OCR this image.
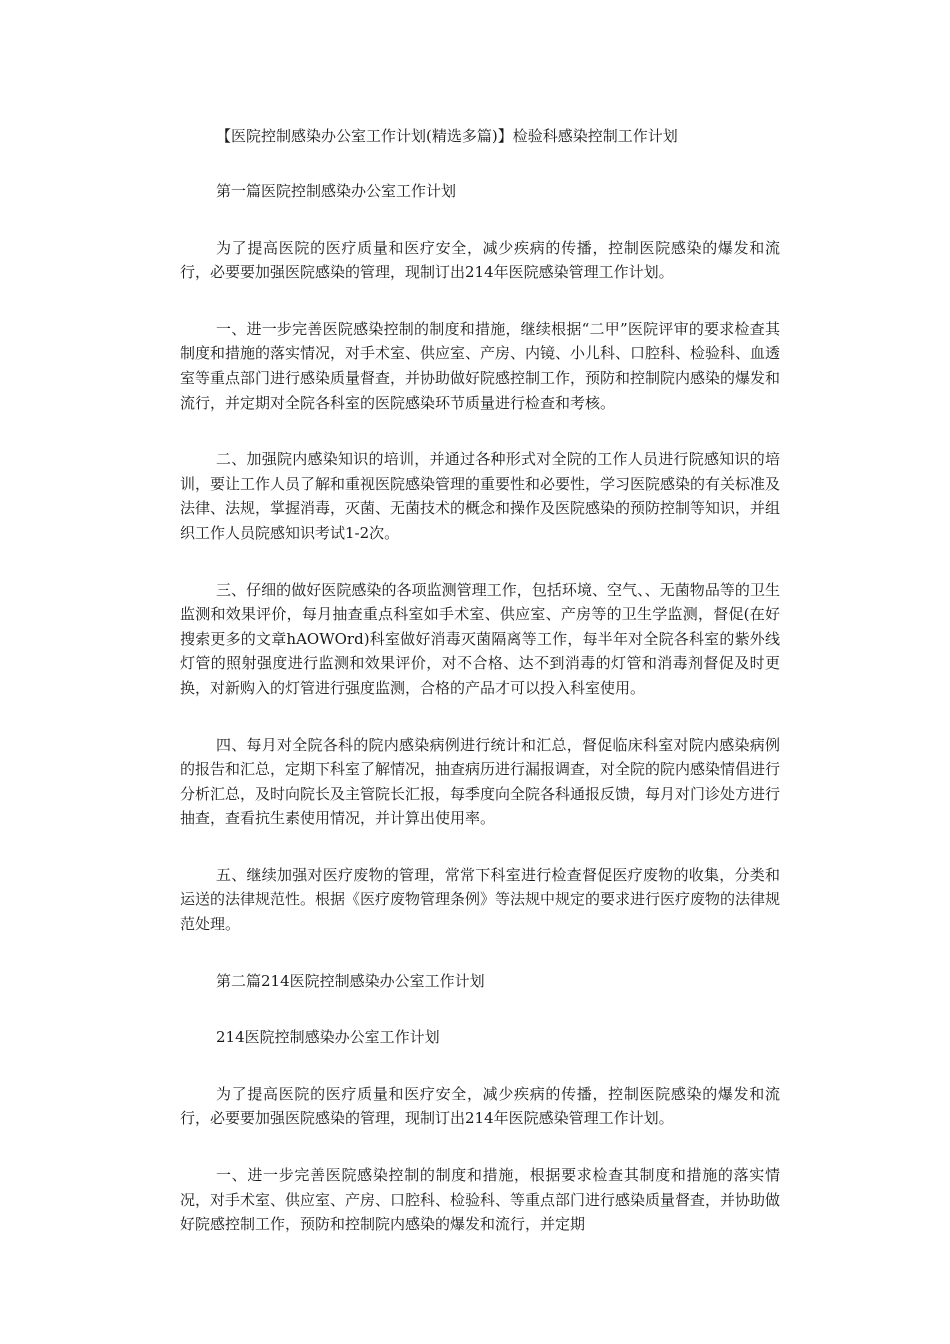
【医院控制感染办公室工作计划(精选多篇)】检验科感染控制工作计划
第一篇医院控制感染办公室工作计划

为了提高医院的医疗质量和医疗安全，减少疾病的传播，控制医院感染的爆发和流行，必要要加强医院感染的管理，现制订出214年医院感染管理工作计划。

一、进一步完善医院感染控制的制度和措施，继续根据“二甲”医院评审的要求检查其制度和措施的落实情况，对手术室、供应室、产房、内镜、小儿科、口腔科、检验科、血透室等重点部门进行感染质量督查，并协助做好院感控制工作，预防和控制院内感染的爆发和流行，并定期对全院各科室的医院感染环节质量进行检查和考核。

二、加强院内感染知识的培训，并通过各种形式对全院的工作人员进行院感知识的培训，要让工作人员了解和重视医院感染管理的重要性和必要性，学习医院感染的有关标准及法律、法规，掌握消毒，灭菌、无菌技术的概念和操作及医院感染的预防控制等知识，并组织工作人员院感知识考试1-2次。

三、仔细的做好医院感染的各项监测管理工作，包括环境、空气、、无菌物品等的卫生监测和效果评价，每月抽查重点科室如手术室、供应室、产房等的卫生学监测，督促(在好搜索更多的文章hAOWOrd)科室做好消毒灭菌隔离等工作，每半年对全院各科室的紫外线灯管的照射强度进行监测和效果评价，对不合格、达不到消毒的灯管和消毒剂督促及时更换，对新购入的灯管进行强度监测，合格的产品才可以投入科室使用。

四、每月对全院各科的院内感染病例进行统计和汇总，督促临床科室对院内感染病例的报告和汇总，定期下科室了解情况，抽查病历进行漏报调查，对全院的院内感染情倡进行分析汇总，及时向院长及主管院长汇报，每季度向全院各科通报反馈，每月对门诊处方进行抽查，查看抗生素使用情况，并计算出使用率。

五、继续加强对医疗废物的管理，常常下科室进行检查督促医疗废物的收集，分类和运送的法律规范性。根据《医疗废物管理条例》等法规中规定的要求进行医疗废物的法律规范处理。

第二篇214医院控制感染办公室工作计划
214医院控制感染办公室工作计划

为了提高医院的医疗质量和医疗安全，减少疾病的传播，控制医院感染的爆发和流行，必要要加强医院感染的管理，现制订出214年医院感染管理工作计划。

一、进一步完善医院感染控制的制度和措施，根据要求检查其制度和措施的落实情况，对手术室、供应室、产房、口腔科、检验科、等重点部门进行感染质量督查，并协助做好院感控制工作，预防和控制院内感染的爆发和流行，并定期
